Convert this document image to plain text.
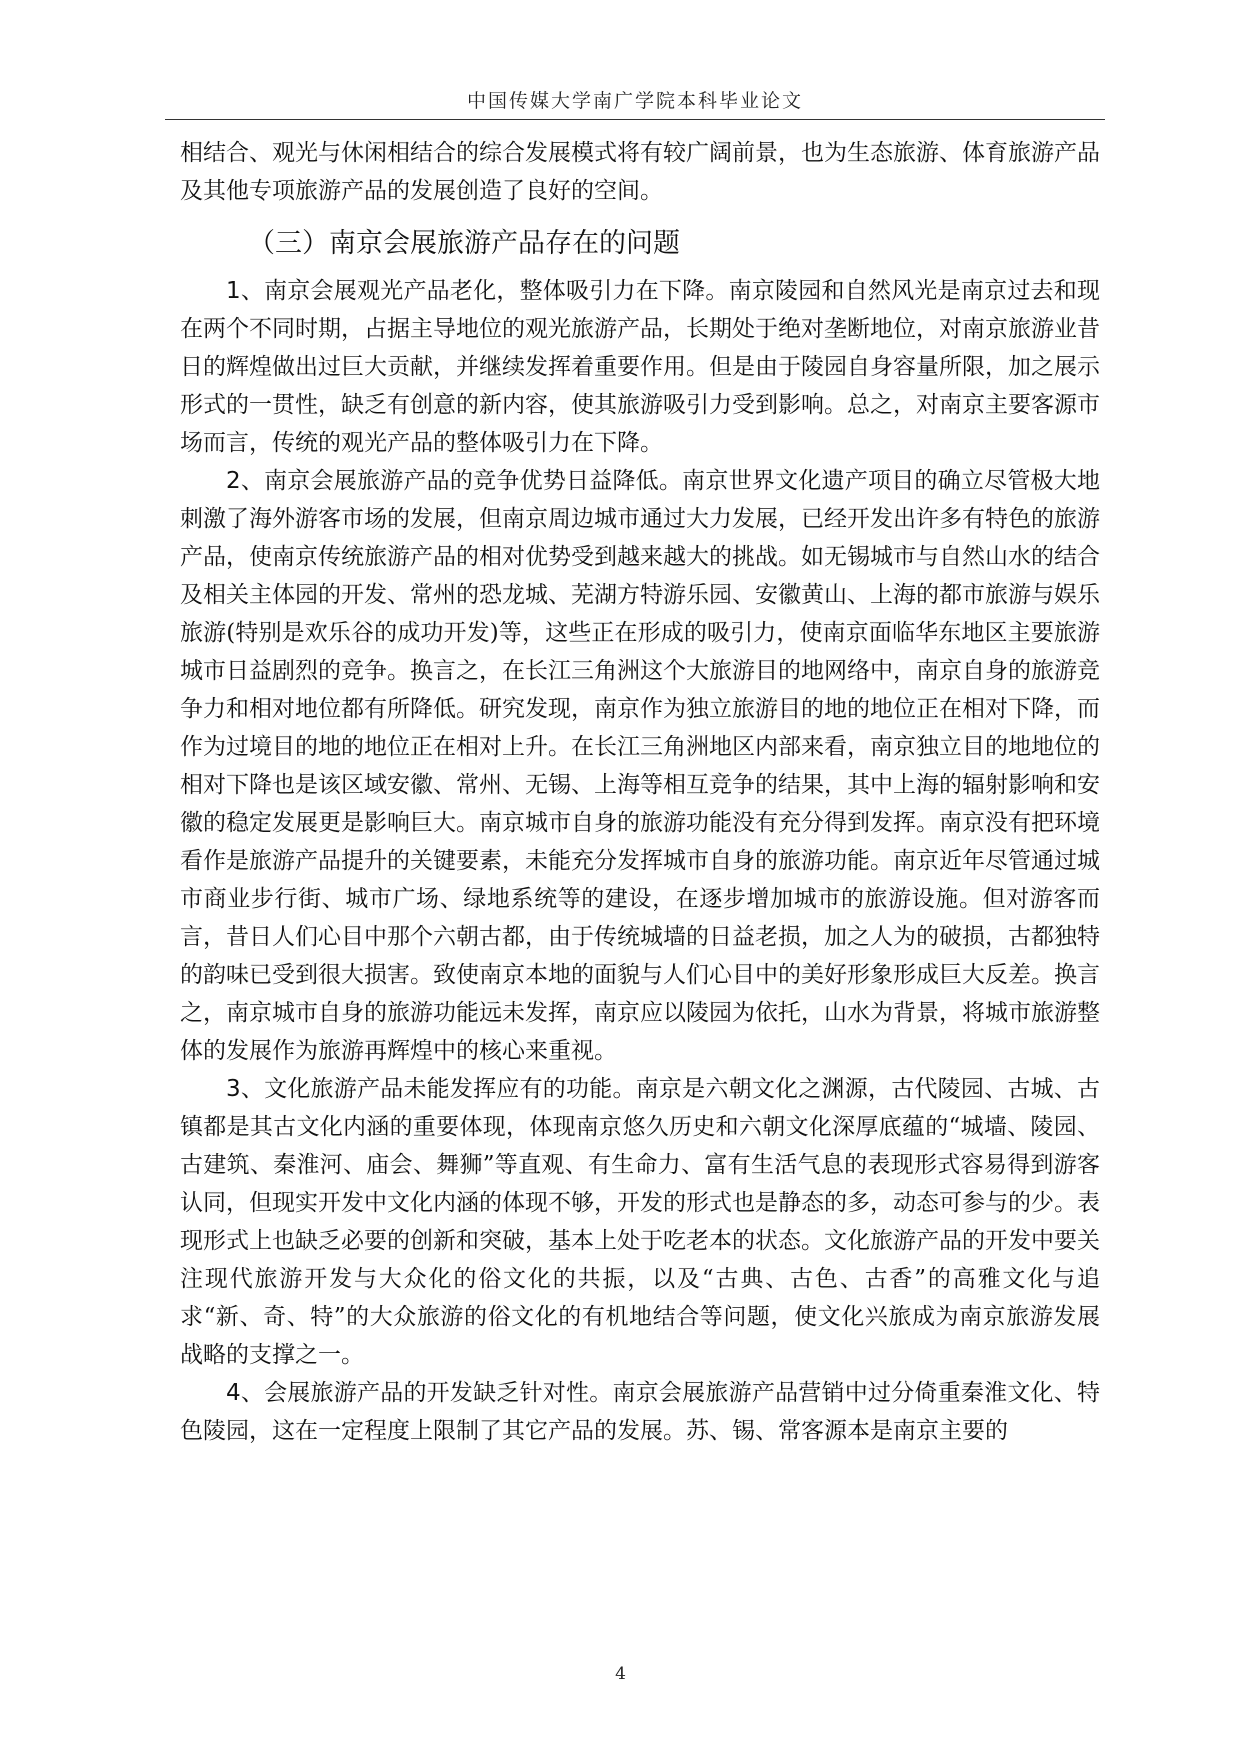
中国传媒大学南广学院本科毕业论文

相结合、观光与休闲相结合的综合发展模式将有较广阔前景，也为生态旅游、体育旅游产品及其他专项旅游产品的发展创造了良好的空间。

（三）南京会展旅游产品存在的问题

1、南京会展观光产品老化，整体吸引力在下降。南京陵园和自然风光是南京过去和现在两个不同时期，占据主导地位的观光旅游产品，长期处于绝对垄断地位，对南京旅游业昔日的辉煌做出过巨大贡献，并继续发挥着重要作用。但是由于陵园自身容量所限，加之展示形式的一贯性，缺乏有创意的新内容，使其旅游吸引力受到影响。总之，对南京主要客源市场而言，传统的观光产品的整体吸引力在下降。

2、南京会展旅游产品的竞争优势日益降低。南京世界文化遗产项目的确立尽管极大地刺激了海外游客市场的发展，但南京周边城市通过大力发展，已经开发出许多有特色的旅游产品，使南京传统旅游产品的相对优势受到越来越大的挑战。如无锡城市与自然山水的结合及相关主体园的开发、常州的恐龙城、芜湖方特游乐园、安徽黄山、上海的都市旅游与娱乐旅游(特别是欢乐谷的成功开发)等，这些正在形成的吸引力，使南京面临华东地区主要旅游城市日益剧烈的竞争。换言之，在长江三角洲这个大旅游目的地网络中，南京自身的旅游竞争力和相对地位都有所降低。研究发现，南京作为独立旅游目的地的地位正在相对下降，而作为过境目的地的地位正在相对上升。在长江三角洲地区内部来看，南京独立目的地地位的相对下降也是该区域安徽、常州、无锡、上海等相互竞争的结果，其中上海的辐射影响和安徽的稳定发展更是影响巨大。南京城市自身的旅游功能没有充分得到发挥。南京没有把环境看作是旅游产品提升的关键要素，未能充分发挥城市自身的旅游功能。南京近年尽管通过城市商业步行街、城市广场、绿地系统等的建设，在逐步增加城市的旅游设施。但对游客而言，昔日人们心目中那个六朝古都，由于传统城墙的日益老损，加之人为的破损，古都独特的韵味已受到很大损害。致使南京本地的面貌与人们心目中的美好形象形成巨大反差。换言之，南京城市自身的旅游功能远未发挥，南京应以陵园为依托，山水为背景，将城市旅游整体的发展作为旅游再辉煌中的核心来重视。

3、文化旅游产品未能发挥应有的功能。南京是六朝文化之渊源，古代陵园、古城、古镇都是其古文化内涵的重要体现，体现南京悠久历史和六朝文化深厚底蕴的“城墙、陵园、古建筑、秦淮河、庙会、舞狮”等直观、有生命力、富有生活气息的表现形式容易得到游客认同，但现实开发中文化内涵的体现不够，开发的形式也是静态的多，动态可参与的少。表现形式上也缺乏必要的创新和突破，基本上处于吃老本的状态。文化旅游产品的开发中要关注现代旅游开发与大众化的俗文化的共振，以及“古典、古色、古香”的高雅文化与追求“新、奇、特”的大众旅游的俗文化的有机地结合等问题，使文化兴旅成为南京旅游发展战略的支撑之一。

4、会展旅游产品的开发缺乏针对性。南京会展旅游产品营销中过分倚重秦淮文化、特色陵园，这在一定程度上限制了其它产品的发展。苏、锡、常客源本是南京主要的

4
